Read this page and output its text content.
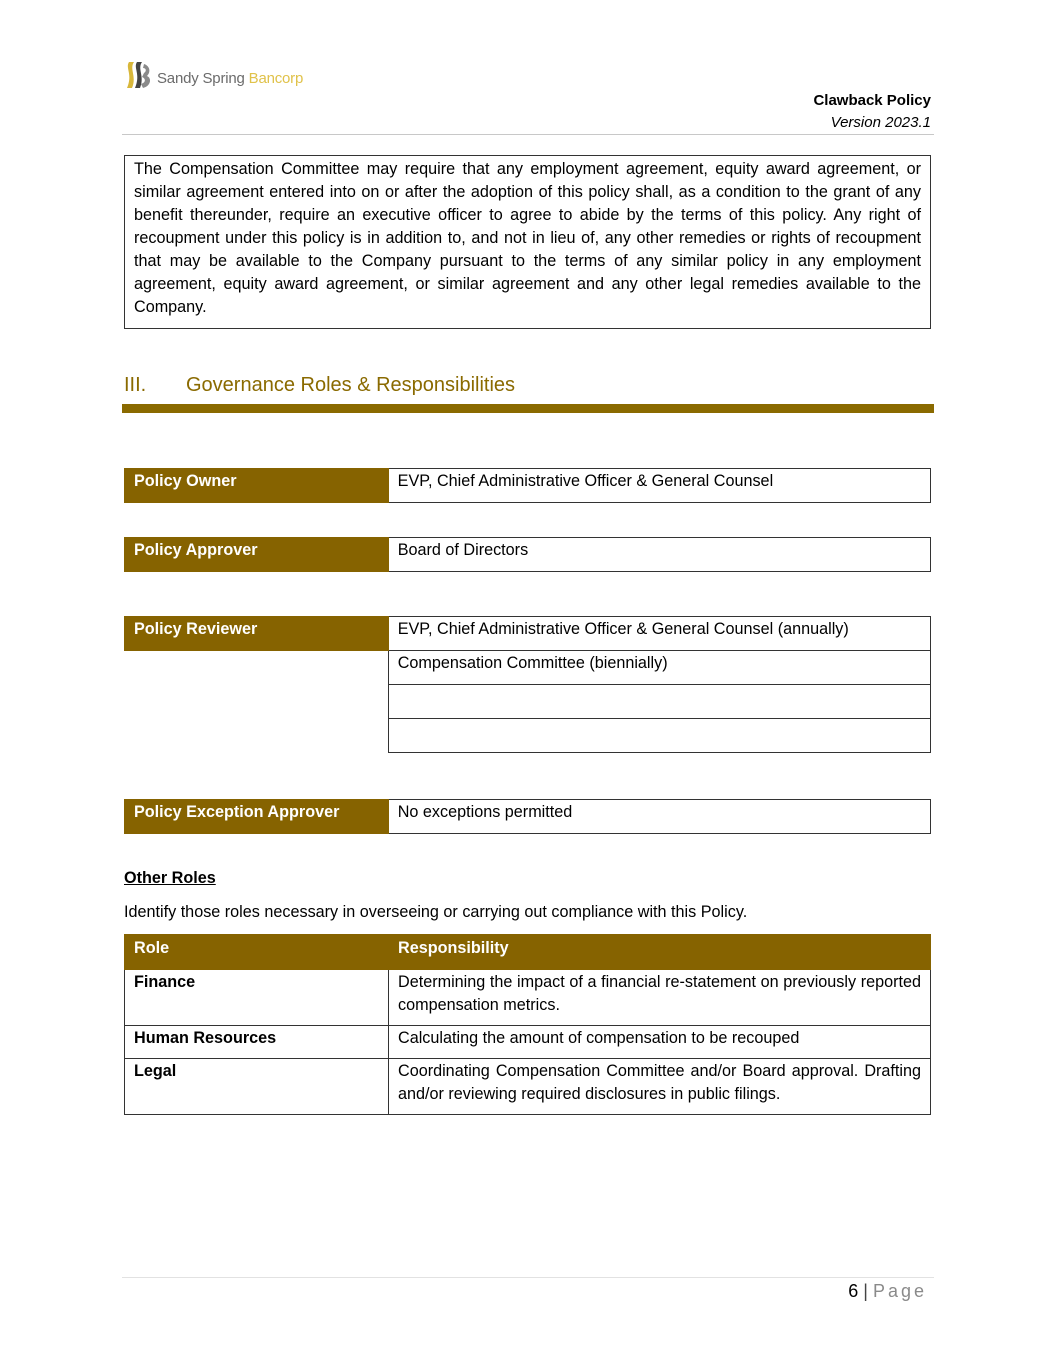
Sandy Spring Bancorp
Clawback Policy
Version 2023.1
The Compensation Committee may require that any employment agreement, equity award agreement, or similar agreement entered into on or after the adoption of this policy shall, as a condition to the grant of any benefit thereunder, require an executive officer to agree to abide by the terms of this policy. Any right of recoupment under this policy is in addition to, and not in lieu of, any other remedies or rights of recoupment that may be available to the Company pursuant to the terms of any similar policy in any employment agreement, equity award agreement, or similar agreement and any other legal remedies available to the Company.
III.	Governance Roles & Responsibilities
Policy Owner	EVP, Chief Administrative Officer & General Counsel
Policy Approver	Board of Directors
Policy Reviewer	EVP, Chief Administrative Officer & General Counsel (annually)
	Compensation Committee (biennially)

Policy Exception Approver	No exceptions permitted
Other Roles
Identify those roles necessary in overseeing or carrying out compliance with this Policy.
Role	Responsibility
Finance	Determining the impact of a financial re-statement on previously reported compensation metrics.
Human Resources	Calculating the amount of compensation to be recouped
Legal	Coordinating Compensation Committee and/or Board approval. Drafting and/or reviewing required disclosures in public filings.
6 | Page
